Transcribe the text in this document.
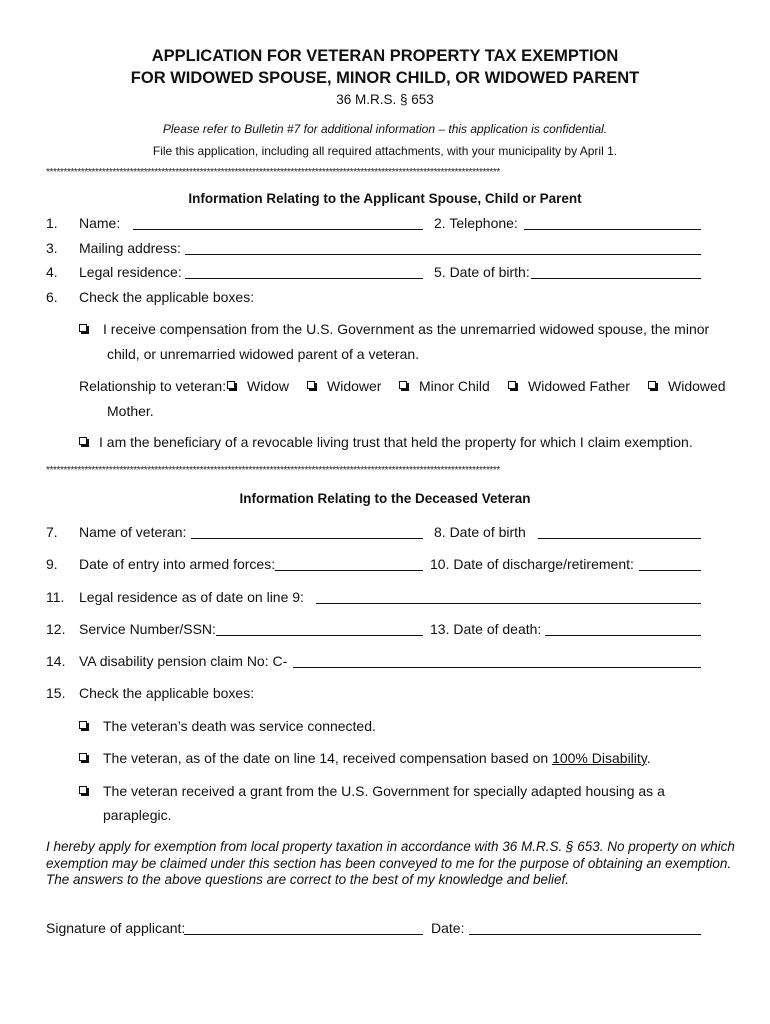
APPLICATION FOR VETERAN PROPERTY TAX EXEMPTION
FOR WIDOWED SPOUSE, MINOR CHILD, OR WIDOWED PARENT
36 M.R.S. § 653
Please refer to Bulletin #7 for additional information – this application is confidential.
File this application, including all required attachments, with your municipality by April 1.
**********************************************************************************************************************************
Information Relating to the Applicant Spouse, Child or Parent
1. Name:	2. Telephone:
3. Mailing address:
4. Legal residence:	5. Date of birth:
6. Check the applicable boxes:
I receive compensation from the U.S. Government as the unremarried widowed spouse, the minor
child, or unremarried widowed parent of a veteran.
Relationship to veteran: Widow	Widower	Minor Child	Widowed Father	Widowed
Mother.
I am the beneficiary of a revocable living trust that held the property for which I claim exemption.
**********************************************************************************************************************************
Information Relating to the Deceased Veteran
7. Name of veteran:	8. Date of birth
9. Date of entry into armed forces:	10. Date of discharge/retirement:
11. Legal residence as of date on line 9:
12. Service Number/SSN:	13. Date of death:
14. VA disability pension claim No: C-
15. Check the applicable boxes:
The veteran’s death was service connected.
The veteran, as of the date on line 14, received compensation based on 100% Disability.
The veteran received a grant from the U.S. Government for specially adapted housing as a
paraplegic.
I hereby apply for exemption from local property taxation in accordance with 36 M.R.S. § 653. No property on which exemption may be claimed under this section has been conveyed to me for the purpose of obtaining an exemption. The answers to the above questions are correct to the best of my knowledge and belief.
Signature of applicant:	Date:
